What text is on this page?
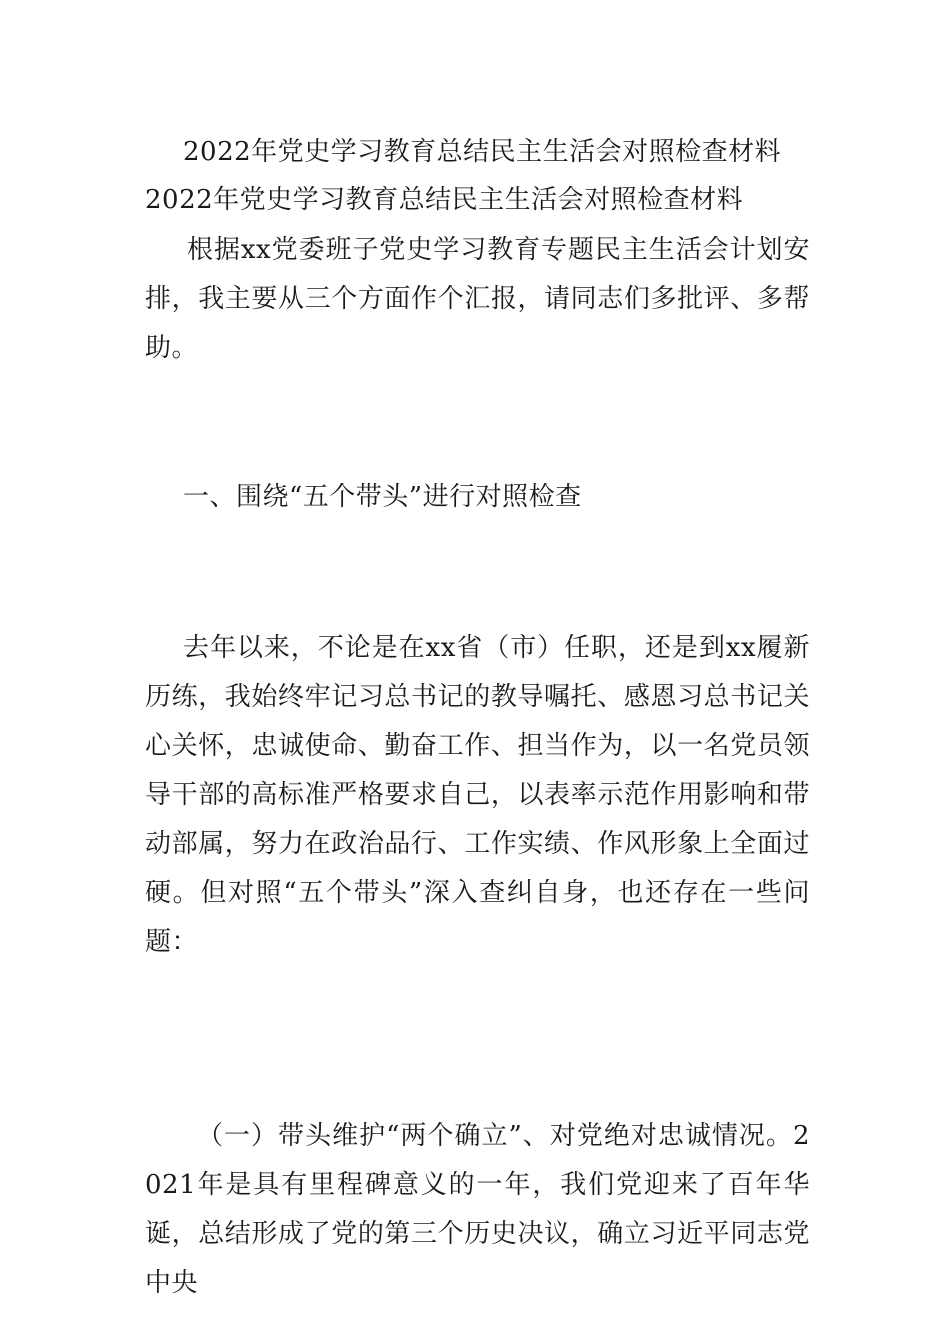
2022年党史学习教育总结民主生活会对照检查材料

2022年党史学习教育总结民主生活会对照检查材料

根据xx党委班子党史学习教育专题民主生活会计划安排，我主要从三个方面作个汇报，请同志们多批评、多帮助。

一、围绕“五个带头”进行对照检查

去年以来，不论是在xx省（市）任职，还是到xx履新历练，我始终牢记习总书记的教导嘱托、感恩习总书记关心关怀，忠诚使命、勤奋工作、担当作为，以一名党员领导干部的高标准严格要求自己，以表率示范作用影响和带动部属，努力在政治品行、工作实绩、作风形象上全面过硬。但对照“五个带头”深入查纠自身，也还存在一些问题：

（一）带头维护“两个确立”、对党绝对忠诚情况。2021年是具有里程碑意义的一年，我们党迎来了百年华诞，总结形成了党的第三个历史决议，确立习近平同志党中央
